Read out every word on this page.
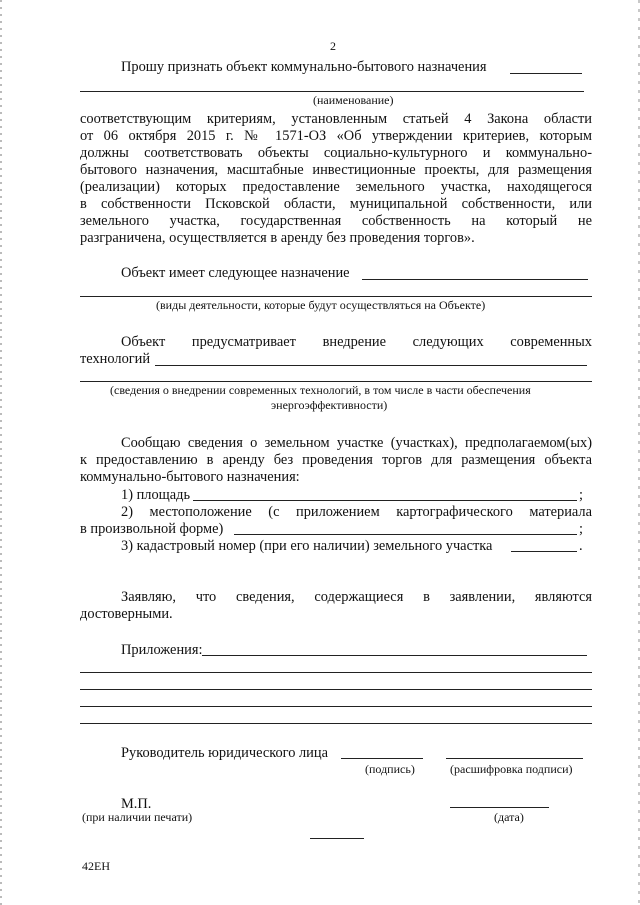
2
Прошу признать объект коммунально-бытового назначения
(наименование)
соответствующим критериям, установленным статьей 4 Закона области
от 06 октября 2015 г. № 1571-ОЗ «Об утверждении критериев, которым
должны соответствовать объекты социально-культурного и коммунально-
бытового назначения, масштабные инвестиционные проекты, для размещения
(реализации) которых предоставление земельного участка, находящегося
в собственности Псковской области, муниципальной собственности, или
земельного участка, государственная собственность на который не
разграничена, осуществляется в аренду без проведения торгов».
Объект имеет следующее назначение
(виды деятельности, которые будут осуществляться на Объекте)
Объект предусматривает внедрение следующих современных
технологий
(сведения о внедрении современных технологий, в том числе в части обеспечения
энергоэффективности)
Сообщаю сведения о земельном участке (участках), предполагаемом(ых)
к предоставлению в аренду без проведения торгов для размещения объекта
коммунально-бытового назначения:
1) площадь	;
2) местоположение (с приложением картографического материала
в произвольной форме)	;
3) кадастровый номер (при его наличии) земельного участка	.
Заявляю, что сведения, содержащиеся в заявлении, являются
достоверными.
Приложения:
Руководитель юридического лица
(подпись)	(расшифровка подписи)
М.П.
(при наличии печати)	(дата)
42ЕН
